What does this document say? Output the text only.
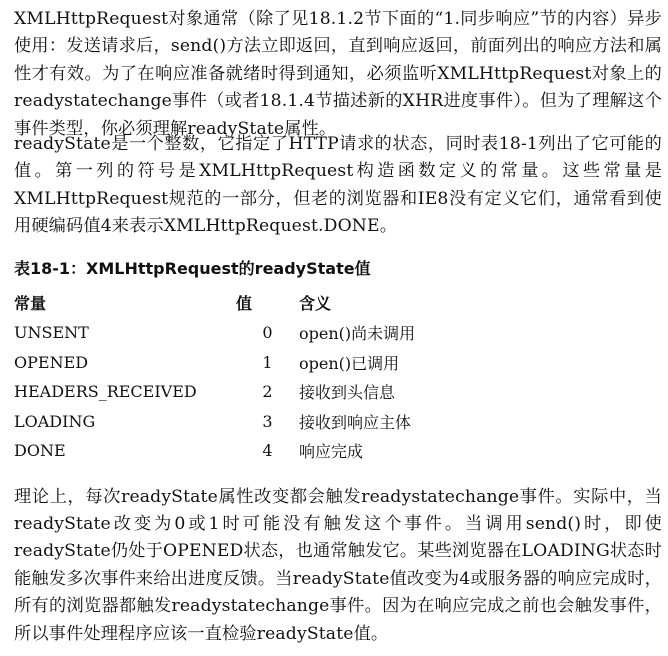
XMLHttpRequest对象通常（除了见18.1.2节下面的“1.同步响应”节的内容）异步使用：发送请求后，send()方法立即返回，直到响应返回，前面列出的响应方法和属性才有效。为了在响应准备就绪时得到通知，必须监听XMLHttpRequest对象上的readystatechange事件（或者18.1.4节描述新的XHR进度事件）。但为了理解这个事件类型，你必须理解readyState属性。

readyState是一个整数，它指定了HTTP请求的状态，同时表18-1列出了它可能的值。第一列的符号是XMLHttpRequest构造函数定义的常量。这些常量是XMLHttpRequest规范的一部分，但老的浏览器和IE8没有定义它们，通常看到使用硬编码值4来表示XMLHttpRequest.DONE。

表18-1：XMLHttpRequest的readyState值
常量	值	含义
UNSENT	0	open()尚未调用
OPENED	1	open()已调用
HEADERS_RECEIVED	2	接收到头信息
LOADING	3	接收到响应主体
DONE	4	响应完成

理论上，每次readyState属性改变都会触发readystatechange事件。实际中，当readyState改变为0或1时可能没有触发这个事件。当调用send()时，即使readyState仍处于OPENED状态，也通常触发它。某些浏览器在LOADING状态时能触发多次事件来给出进度反馈。当readyState值改变为4或服务器的响应完成时，所有的浏览器都触发readystatechange事件。因为在响应完成之前也会触发事件，所以事件处理程序应该一直检验readyState值。
